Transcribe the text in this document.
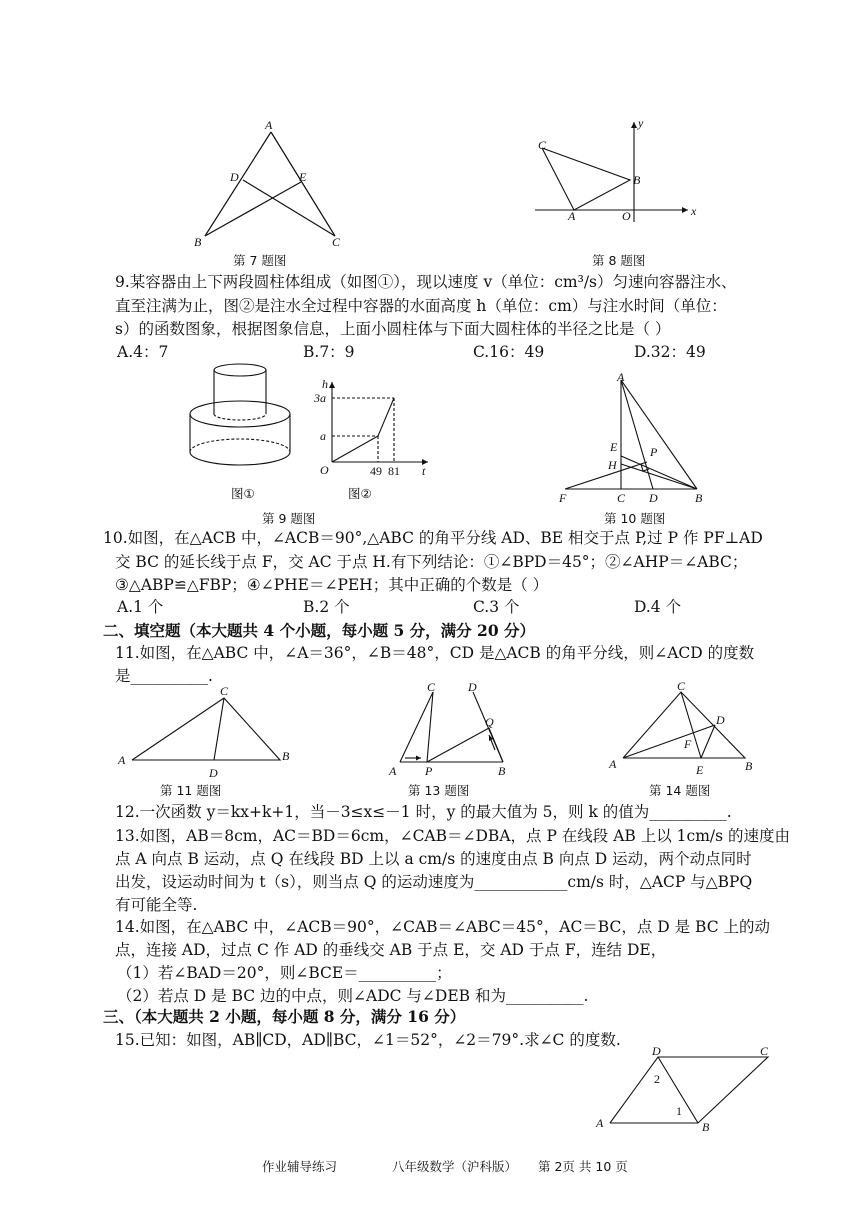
A
D	E
B	C
第 7 题图
C
B
A	O	x
y
第 8 题图
9.某容器由上下两段圆柱体组成（如图①），现以速度 v（单位：cm³/s）匀速向容器注水、
直至注满为止，图②是注水全过程中容器的水面高度 h（单位：cm）与注水时间（单位：
s）的函数图象，根据图象信息，上面小圆柱体与下面大圆柱体的半径之比是（ ）
A.4：7	B.7：9	C.16：49	D.32：49
图①
h
3a
a
O	49 81 t
图②
第 9 题图
A
E	P
H
F	C D	B
第 10 题图
10.如图，在△ACB 中，∠ACB＝90°,△ABC 的角平分线 AD、BE 相交于点 P,过 P 作 PF⊥AD
交 BC 的延长线于点 F，交 AC 于点 H.有下列结论：①∠BPD＝45°；②∠AHP＝∠ABC；
③△ABP≌△FBP；④∠PHE＝∠PEH；其中正确的个数是（ ）
A.1 个	B.2 个	C.3 个	D.4 个
二、填空题（本大题共 4 个小题，每小题 5 分，满分 20 分）
11.如图，在△ABC 中，∠A＝36°，∠B＝48°，CD 是△ACB 的角平分线，则∠ACD 的度数
是__________.
C
A
D
B
第 11 题图
C	D
Q
A P	B
第 13 题图
C
D
F
A	E	B
第 14 题图
12.一次函数 y＝kx+k+1，当－3≤x≤－1 时，y 的最大值为 5，则 k 的值为__________.
13.如图，AB＝8cm，AC＝BD＝6cm，∠CAB＝∠DBA，点 P 在线段 AB 上以 1cm/s 的速度由
点 A 向点 B 运动，点 Q 在线段 BD 上以 a cm/s 的速度由点 B 向点 D 运动，两个动点同时
出发，设运动时间为 t（s），则当点 Q 的运动速度为____________cm/s 时，△ACP 与△BPQ
有可能全等.
14.如图，在△ABC 中，∠ACB＝90°，∠CAB＝∠ABC＝45°，AC＝BC，点 D 是 BC 上的动
点，连接 AD，过点 C 作 AD 的垂线交 AB 于点 E，交 AD 于点 F，连结 DE，
（1）若∠BAD＝20°，则∠BCE＝__________；
（2）若点 D 是 BC 边的中点，则∠ADC 与∠DEB 和为__________.
三、（本大题共 2 小题，每小题 8 分，满分 16 分）
15.已知：如图，AB∥CD，AD∥BC，∠1＝52°，∠2＝79°.求∠C 的度数.
D	C
2
1
A	B
作业辅导练习	八年级数学（沪科版） 第 2页 共 10 页
